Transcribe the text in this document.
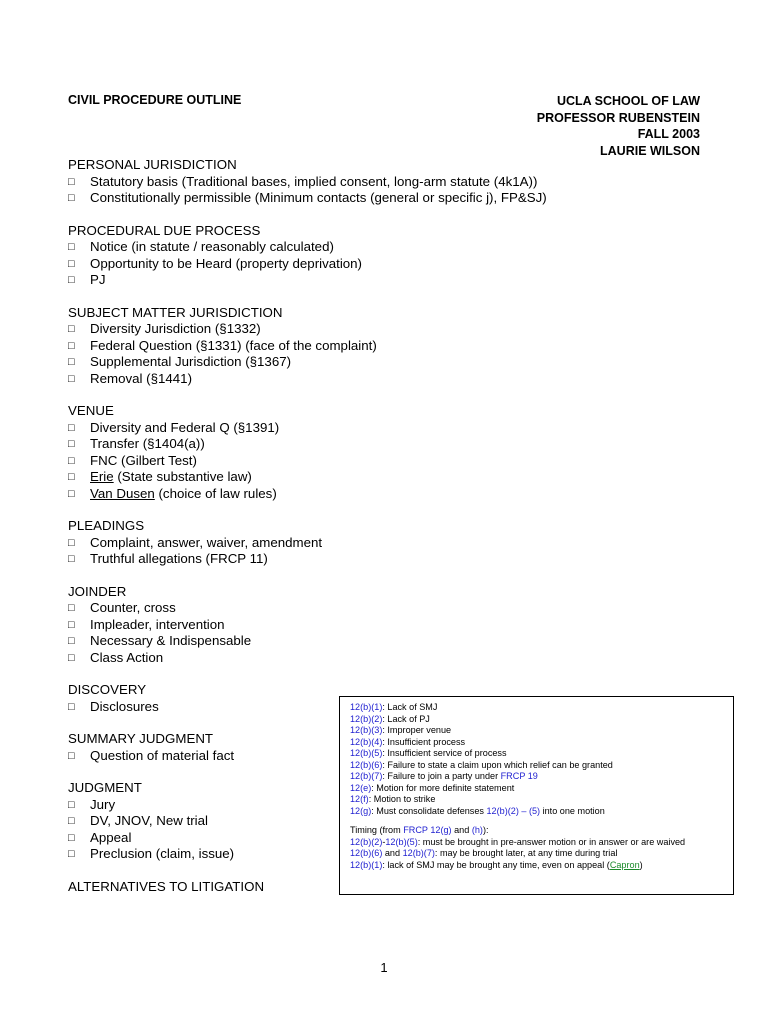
CIVIL PROCEDURE OUTLINE	UCLA SCHOOL OF LAW
PROFESSOR RUBENSTEIN
FALL 2003
LAURIE WILSON
PERSONAL JURISDICTION
□ Statutory basis (Traditional bases, implied consent, long-arm statute (4k1A))
□ Constitutionally permissible (Minimum contacts (general or specific j), FP&SJ)
PROCEDURAL DUE PROCESS
□ Notice (in statute / reasonably calculated)
□ Opportunity to be Heard (property deprivation)
□ PJ
SUBJECT MATTER JURISDICTION
□ Diversity Jurisdiction (§1332)
□ Federal Question (§1331) (face of the complaint)
□ Supplemental Jurisdiction (§1367)
□ Removal (§1441)
VENUE
□ Diversity and Federal Q (§1391)
□ Transfer (§1404(a))
□ FNC (Gilbert Test)
□ Erie (State substantive law)
□ Van Dusen (choice of law rules)
PLEADINGS
□ Complaint, answer, waiver, amendment
□ Truthful allegations (FRCP 11)
JOINDER
□ Counter, cross
□ Impleader, intervention
□ Necessary & Indispensable
□ Class Action
DISCOVERY
□ Disclosures
SUMMARY JUDGMENT
□ Question of material fact
JUDGMENT
□ Jury
□ DV, JNOV, New trial
□ Appeal
□ Preclusion (claim, issue)
ALTERNATIVES TO LITIGATION
12(b)(1): Lack of SMJ
12(b)(2): Lack of PJ
12(b)(3): Improper venue
12(b)(4): Insufficient process
12(b)(5): Insufficient service of process
12(b)(6): Failure to state a claim upon which relief can be granted
12(b)(7): Failure to join a party under FRCP 19
12(e): Motion for more definite statement
12(f): Motion to strike
12(g): Must consolidate defenses 12(b)(2) – (5) into one motion
Timing (from FRCP 12(g) and (h)):
12(b)(2)-12(b)(5): must be brought in pre-answer motion or in answer or are waived
12(b)(6) and 12(b)(7): may be brought later, at any time during trial
12(b)(1): lack of SMJ may be brought any time, even on appeal (Capron)
1
